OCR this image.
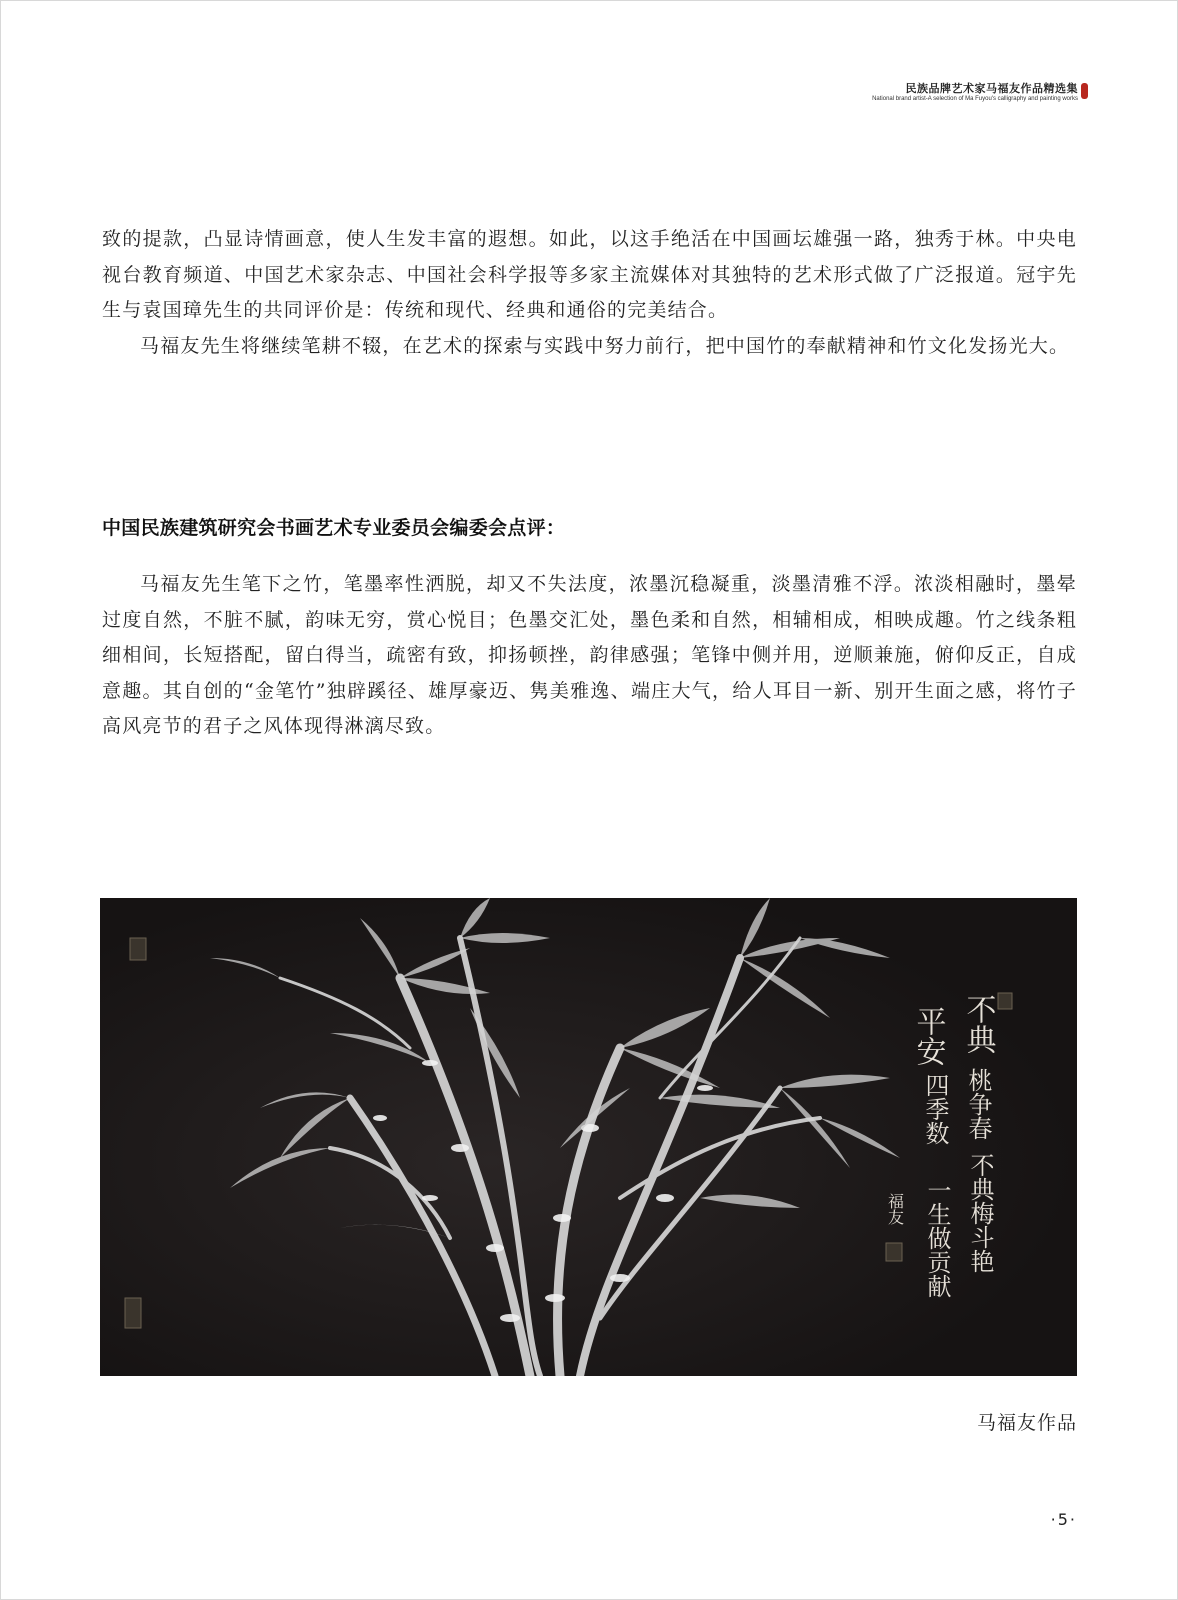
民族品牌艺术家马福友作品精选集
National brand artist-A selection of Ma Fuyou's calligraphy and painting works

致的提款，凸显诗情画意，使人生发丰富的遐想。如此，以这手绝活在中国画坛雄强一路，独秀于林。中央电视台教育频道、中国艺术家杂志、中国社会科学报等多家主流媒体对其独特的艺术形式做了广泛报道。冠宇先生与袁国璋先生的共同评价是：传统和现代、经典和通俗的完美结合。

马福友先生将继续笔耕不辍，在艺术的探索与实践中努力前行，把中国竹的奉献精神和竹文化发扬光大。

中国民族建筑研究会书画艺术专业委员会编委会点评：

马福友先生笔下之竹，笔墨率性洒脱，却又不失法度，浓墨沉稳凝重，淡墨清雅不浮。浓淡相融时，墨晕过度自然，不脏不腻，韵味无穷，赏心悦目；色墨交汇处，墨色柔和自然，相辅相成，相映成趣。竹之线条粗细相间，长短搭配，留白得当，疏密有致，抑扬顿挫，韵律感强；笔锋中侧并用，逆顺兼施，俯仰反正，自成意趣。其自创的“金笔竹”独辟蹊径、雄厚豪迈、隽美雅逸、端庄大气，给人耳目一新、别开生面之感，将竹子高风亮节的君子之风体现得淋漓尽致。

不典
平安
桃争春
四季数
不典梅斗艳
一生做贡献
福友

马福友作品

·5·
